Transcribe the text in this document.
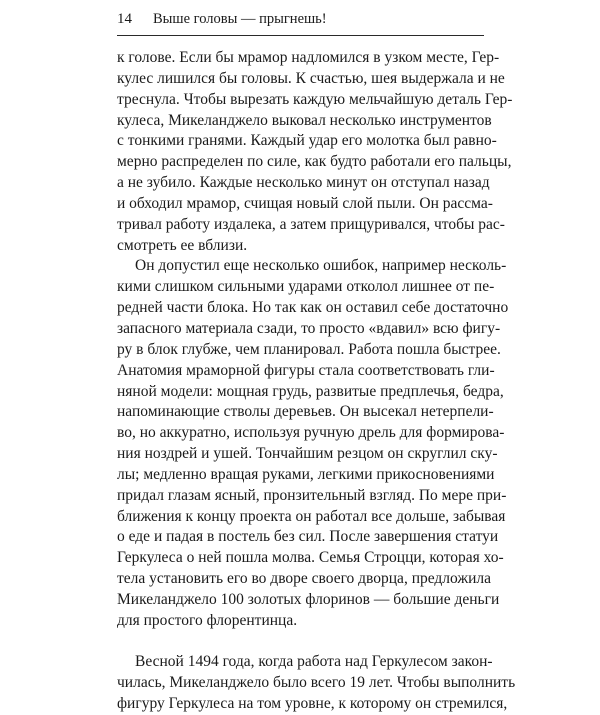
14 Выше головы — прыгнешь!
к голове. Если бы мрамор надломился в узком месте, Гер-
кулес лишился бы головы. К счастью, шея выдержала и не
треснула. Чтобы вырезать каждую мельчайшую деталь Гер-
кулеса, Микеланджело выковал несколько инструментов
с тонкими гранями. Каждый удар его молотка был равно-
мерно распределен по силе, как будто работали его пальцы,
а не зубило. Каждые несколько минут он отступал назад
и обходил мрамор, счищая новый слой пыли. Он рассма-
тривал работу издалека, а затем прищуривался, чтобы рас-
смотреть ее вблизи.
Он допустил еще несколько ошибок, например несколь-
кими слишком сильными ударами отколол лишнее от пе-
редней части блока. Но так как он оставил себе достаточно
запасного материала сзади, то просто «вдавил» всю фигу-
ру в блок глубже, чем планировал. Работа пошла быстрее.
Анатомия мраморной фигуры стала соответствовать гли-
няной модели: мощная грудь, развитые предплечья, бедра,
напоминающие стволы деревьев. Он высекал нетерпели-
во, но аккуратно, используя ручную дрель для формирова-
ния ноздрей и ушей. Тончайшим резцом он скруглил ску-
лы; медленно вращая руками, легкими прикосновениями
придал глазам ясный, пронзительный взгляд. По мере при-
ближения к концу проекта он работал все дольше, забывая
о еде и падая в постель без сил. После завершения статуи
Геркулеса о ней пошла молва. Семья Строцци, которая хо-
тела установить его во дворе своего дворца, предложила
Микеланджело 100 золотых флоринов — большие деньги
для простого флорентинца.
Весной 1494 года, когда работа над Геркулесом закон-
чилась, Микеланджело было всего 19 лет. Чтобы выполнить
фигуру Геркулеса на том уровне, к которому он стремился,
